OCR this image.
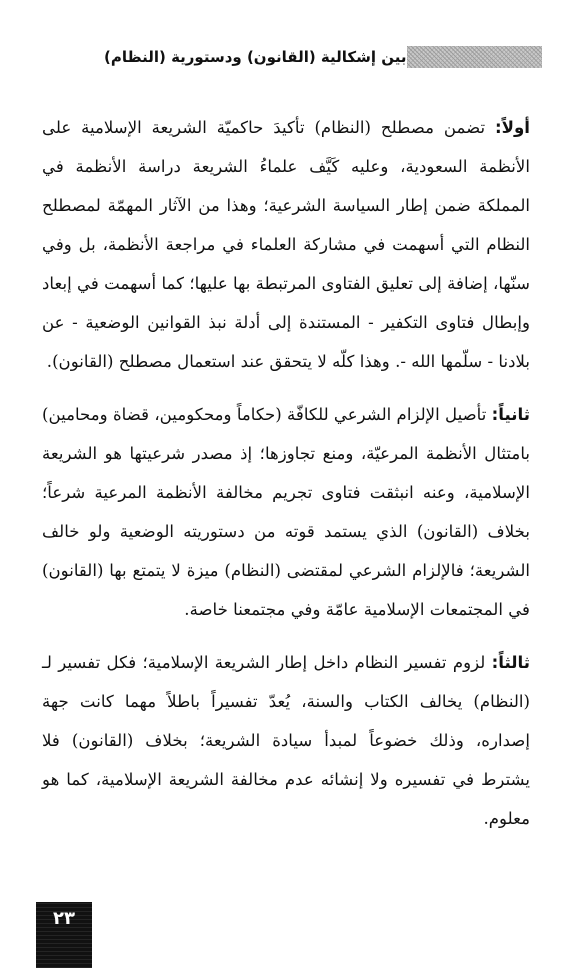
بين إشكالية (القانون) ودستورية (النظام)

أولاً: تضمن مصطلح (النظام) تأكيدَ حاكميّة الشريعة الإسلامية على الأنظمة السعودية، وعليه كَيَّف علماءُ الشريعة دراسة الأنظمة في المملكة ضمن إطار السياسة الشرعية؛ وهذا من الآثار المهمّة لمصطلح النظام التي أسهمت في مشاركة العلماء في مراجعة الأنظمة، بل وفي سنّها، إضافة إلى تعليق الفتاوى المرتبطة بها عليها؛ كما أسهمت في إبعاد وإبطال فتاوى التكفير - المستندة إلى أدلة نبذ القوانين الوضعية - عن بلادنا - سلّمها الله -. وهذا كلّه لا يتحقق عند استعمال مصطلح (القانون).

ثانياً: تأصيل الإلزام الشرعي للكافّة (حكاماً ومحكومين، قضاة ومحامين) بامتثال الأنظمة المرعيّة، ومنع تجاوزها؛ إذ مصدر شرعيتها هو الشريعة الإسلامية، وعنه انبثقت فتاوى تجريم مخالفة الأنظمة المرعية شرعاً؛ بخلاف (القانون) الذي يستمد قوته من دستوريته الوضعية ولو خالف الشريعة؛ فالإلزام الشرعي لمقتضى (النظام) ميزة لا يتمتع بها (القانون) في المجتمعات الإسلامية عامّة وفي مجتمعنا خاصة.

ثالثاً: لزوم تفسير النظام داخل إطار الشريعة الإسلامية؛ فكل تفسير لـ (النظام) يخالف الكتاب والسنة، يُعدّ تفسيراً باطلاً مهما كانت جهة إصداره، وذلك خضوعاً لمبدأ سيادة الشريعة؛ بخلاف (القانون) فلا يشترط في تفسيره ولا إنشائه عدم مخالفة الشريعة الإسلامية، كما هو معلوم.

٢٣
